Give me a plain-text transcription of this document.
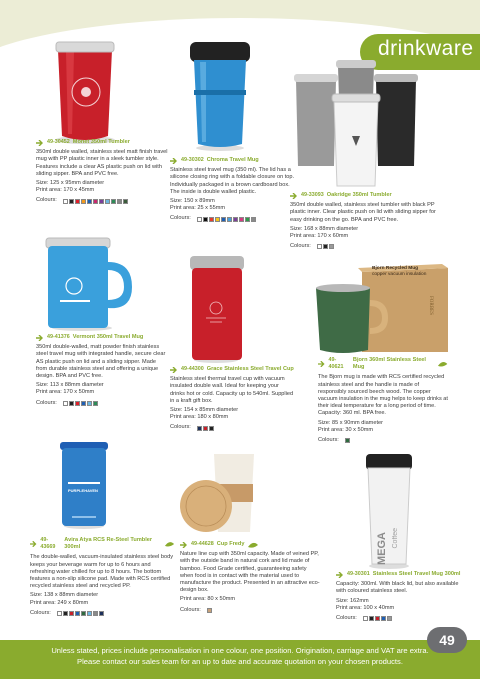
drinkware
49-30452 Monet 350ml Tumbler

350ml double walled, stainless steel matt finish travel mug with PP plastic inner in a sleek tumbler style. Features include a clear AS plastic push on lid with sliding sipper. BPA and PVC free.

Size: 125 x 95mm diameter

Print area: 170 x 45mm

Colours:
49-30302 Chroma Travel Mug

Stainless steel travel mug (350 ml). The lid has a silicone closing ring with a foldable closure on top. Individually packaged in a brown cardboard box. The inside is double walled plastic.

Size: 150 x 89mm

Print area: 25 x 55mm

Colours:
49-33093 Oakridge 350ml Tumbler

350ml double walled, stainless steel tumbler with black PP plastic inner. Clear plastic push on lid with sliding sipper for easy drinking on the go. BPA and PVC free.

Size: 168 x 88mm diameter

Print area: 170 x 60mm

Colours:
Bjorn Recycled Mug
copper vacuum insulation
FORBES
49-41376 Vermont 350ml Travel Mug

350ml double-walled, matt powder finish stainless steel travel mug with integrated handle, secure clear AS plastic push on lid and a sliding sipper. Made from durable stainless steel and offering a unique design. BPA and PVC free.

Size: 113 x 88mm diameter

Print area: 170 x 50mm

Colours:
49-44300 Grace Stainless Steel Travel Cup

Stainless steel thermal travel cup with vacuum insulated double wall. Ideal for keeping your drinks hot or cold. Capacity up to 540ml. Supplied in a kraft gift box.

Size: 154 x 85mm diameter

Print area: 180 x 80mm

Colours:
49-40621
Bjorn 360ml Stainless Steel Mug

The Bjorn mug is made with RCS certified recycled stainless steel and the handle is made of responsibly sourced beech wood. The copper vacuum insulation in the mug helps to keep drinks at their ideal temperature for a long period of time. Capacity: 360 ml. BPA free.

Size: 85 x 90mm diameter

Print area: 30 x 50mm

Colours:
PURPLEHAVEN
MEGA Coffee
49-43669
Avira Atya RCS Re-Steel Tumbler 300ml

The double-walled, vacuum-insulated stainless steel body keeps your beverage warm for up to 6 hours and refreshing water chilled for up to 8 hours. The bottom features a non-slip silicone pad. Made with RCS certified recycled stainless steel and recycled PP.

Size: 138 x 88mm diameter

Print area: 249 x 80mm

Colours:
49-44628 Cup Fredy

Nature line cup with 350ml capacity. Made of veined PP, with the outside band in natural cork and lid made of bamboo. Food Grade certified, guaranteeing safety when food is in contact with the material used to manufacture the product. Presented in an attractive eco-design box.

Print area: 80 x 50mm

Colours:
49-30301 Stainless Steel Travel Mug 300ml

Capacity: 300ml. With black lid, but also available with coloured stainless steel.

Size: 162mm

Print area: 100 x 40mm

Colours:
Unless stated, prices include personalisation in one colour, one position. Origination, carriage and VAT are extra.
Please contact our sales team for an up to date and accurate quotation on your chosen products.
49
